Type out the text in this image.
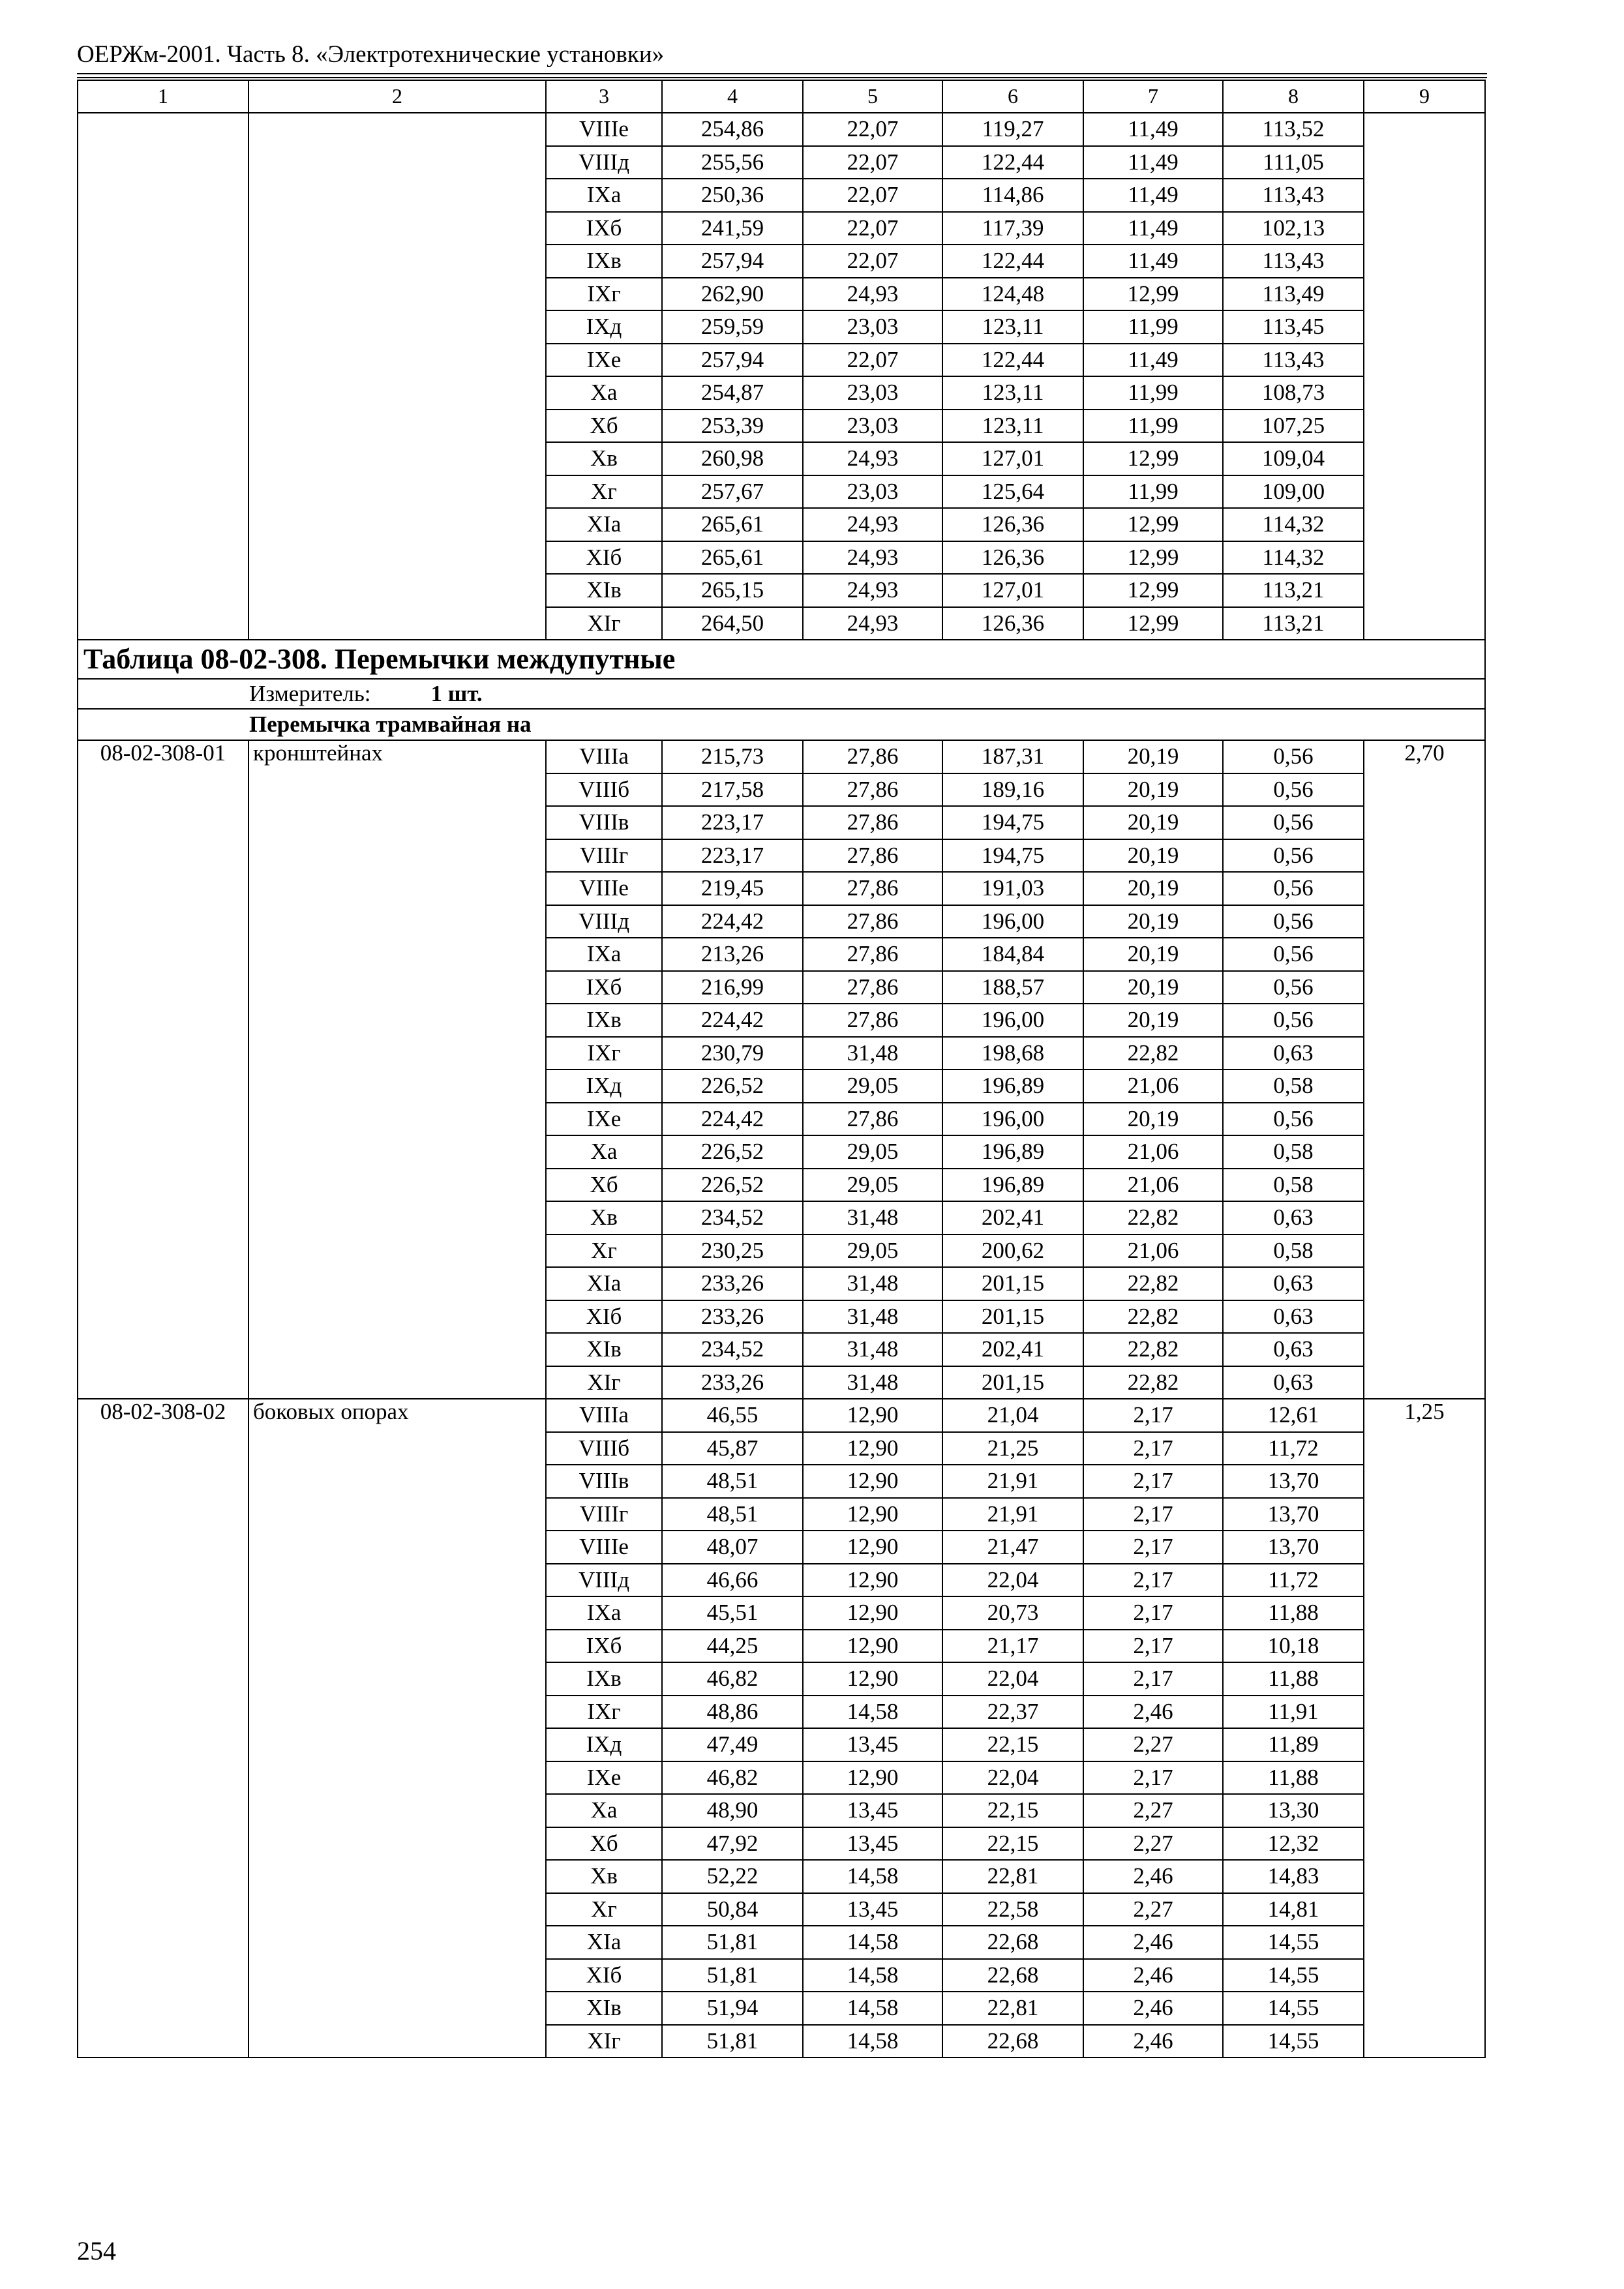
ОЕРЖм-2001. Часть 8. «Электротехнические установки»
1	2	3	4	5	6	7	8	9
		VIIIе	254,86	22,07	119,27	11,49	113,52	
		VIIIд	255,56	22,07	122,44	11,49	111,05	
		IXа	250,36	22,07	114,86	11,49	113,43	
		IXб	241,59	22,07	117,39	11,49	102,13	
		IXв	257,94	22,07	122,44	11,49	113,43	
		IXг	262,90	24,93	124,48	12,99	113,49	
		IXд	259,59	23,03	123,11	11,99	113,45	
		IXе	257,94	22,07	122,44	11,49	113,43	
		Xа	254,87	23,03	123,11	11,99	108,73	
		Xб	253,39	23,03	123,11	11,99	107,25	
		Xв	260,98	24,93	127,01	12,99	109,04	
		Xг	257,67	23,03	125,64	11,99	109,00	
		XIа	265,61	24,93	126,36	12,99	114,32	
		XIб	265,61	24,93	126,36	12,99	114,32	
		XIв	265,15	24,93	127,01	12,99	113,21	
		XIг	264,50	24,93	126,36	12,99	113,21	
Таблица 08-02-308. Перемычки междупутные								
Измеритель: 1 шт.								
Перемычка трамвайная на								
08-02-308-01	кронштейнах	VIIIа	215,73	27,86	187,31	20,19	0,56	2,70
		VIIIб	217,58	27,86	189,16	20,19	0,56	
		VIIIв	223,17	27,86	194,75	20,19	0,56	
		VIIIг	223,17	27,86	194,75	20,19	0,56	
		VIIIе	219,45	27,86	191,03	20,19	0,56	
		VIIIд	224,42	27,86	196,00	20,19	0,56	
		IXа	213,26	27,86	184,84	20,19	0,56	
		IXб	216,99	27,86	188,57	20,19	0,56	
		IXв	224,42	27,86	196,00	20,19	0,56	
		IXг	230,79	31,48	198,68	22,82	0,63	
		IXд	226,52	29,05	196,89	21,06	0,58	
		IXе	224,42	27,86	196,00	20,19	0,56	
		Xа	226,52	29,05	196,89	21,06	0,58	
		Xб	226,52	29,05	196,89	21,06	0,58	
		Xв	234,52	31,48	202,41	22,82	0,63	
		Xг	230,25	29,05	200,62	21,06	0,58	
		XIа	233,26	31,48	201,15	22,82	0,63	
		XIб	233,26	31,48	201,15	22,82	0,63	
		XIв	234,52	31,48	202,41	22,82	0,63	
		XIг	233,26	31,48	201,15	22,82	0,63	
08-02-308-02	боковых опорах	VIIIа	46,55	12,90	21,04	2,17	12,61	1,25
		VIIIб	45,87	12,90	21,25	2,17	11,72	
		VIIIв	48,51	12,90	21,91	2,17	13,70	
		VIIIг	48,51	12,90	21,91	2,17	13,70	
		VIIIе	48,07	12,90	21,47	2,17	13,70	
		VIIIд	46,66	12,90	22,04	2,17	11,72	
		IXа	45,51	12,90	20,73	2,17	11,88	
		IXб	44,25	12,90	21,17	2,17	10,18	
		IXв	46,82	12,90	22,04	2,17	11,88	
		IXг	48,86	14,58	22,37	2,46	11,91	
		IXд	47,49	13,45	22,15	2,27	11,89	
		IXе	46,82	12,90	22,04	2,17	11,88	
		Xа	48,90	13,45	22,15	2,27	13,30	
		Xб	47,92	13,45	22,15	2,27	12,32	
		Xв	52,22	14,58	22,81	2,46	14,83	
		Xг	50,84	13,45	22,58	2,27	14,81	
		XIа	51,81	14,58	22,68	2,46	14,55	
		XIб	51,81	14,58	22,68	2,46	14,55	
		XIв	51,94	14,58	22,81	2,46	14,55	
		XIг	51,81	14,58	22,68	2,46	14,55	
254
